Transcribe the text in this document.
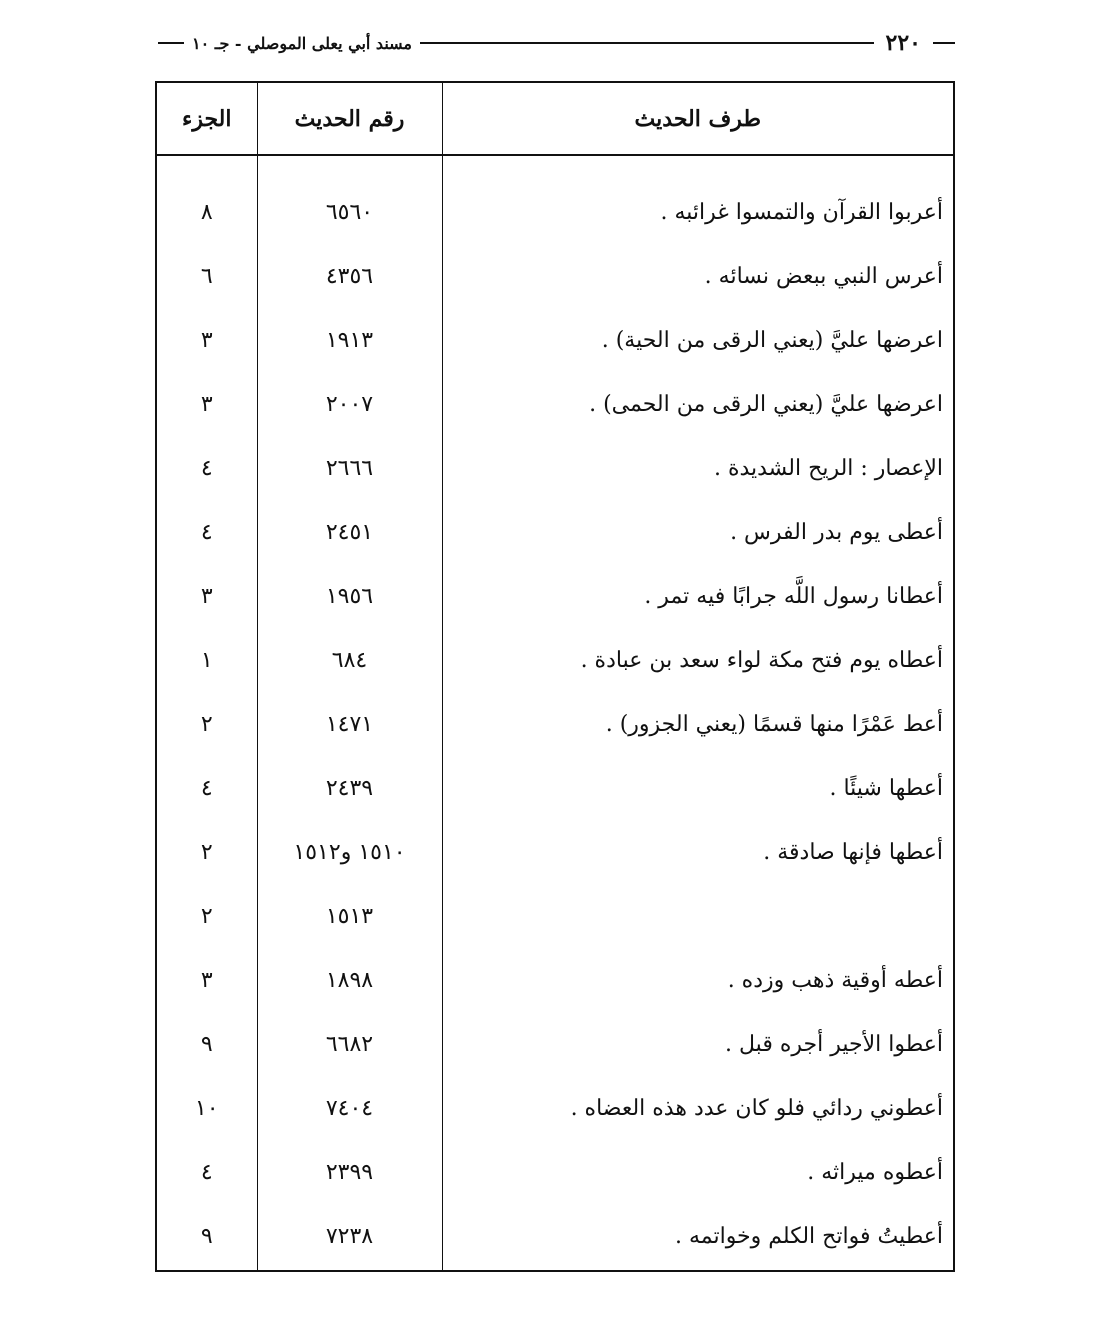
٢٢٠
مسند أبي يعلى الموصلي - جـ ١٠
طرف الحديث	رقم الحديث	الجزء

أعربوا القرآن والتمسوا غرائبه .	٦٥٦٠	٨
أعرس النبي ببعض نسائه .	٤٣٥٦	٦
اعرضها عليَّ (يعني الرقى من الحية) .	١٩١٣	٣
اعرضها عليَّ (يعني الرقى من الحمى) .	٢٠٠٧	٣
الإعصار : الريح الشديدة .	٢٦٦٦	٤
أعطى يوم بدر الفرس .	٢٤٥١	٤
أعطانا رسول اللَّه جرابًا فيه تمر .	١٩٥٦	٣
أعطاه يوم فتح مكة لواء سعد بن عبادة .	٦٨٤	١
أعط عَمْرًا منها قسمًا (يعني الجزور) .	١٤٧١	٢
أعطها شيئًا .	٢٤٣٩	٤
أعطها فإنها صادقة .	١٥١٠ و١٥١٢	٢
	١٥١٣	٢
أعطه أوقية ذهب وزده .	١٨٩٨	٣
أعطوا الأجير أجره قبل .	٦٦٨٢	٩
أعطوني ردائي فلو كان عدد هذه العضاه .	٧٤٠٤	١٠
أعطوه ميراثه .	٢٣٩٩	٤
أعطيتُ فواتح الكلم وخواتمه .	٧٢٣٨	٩
